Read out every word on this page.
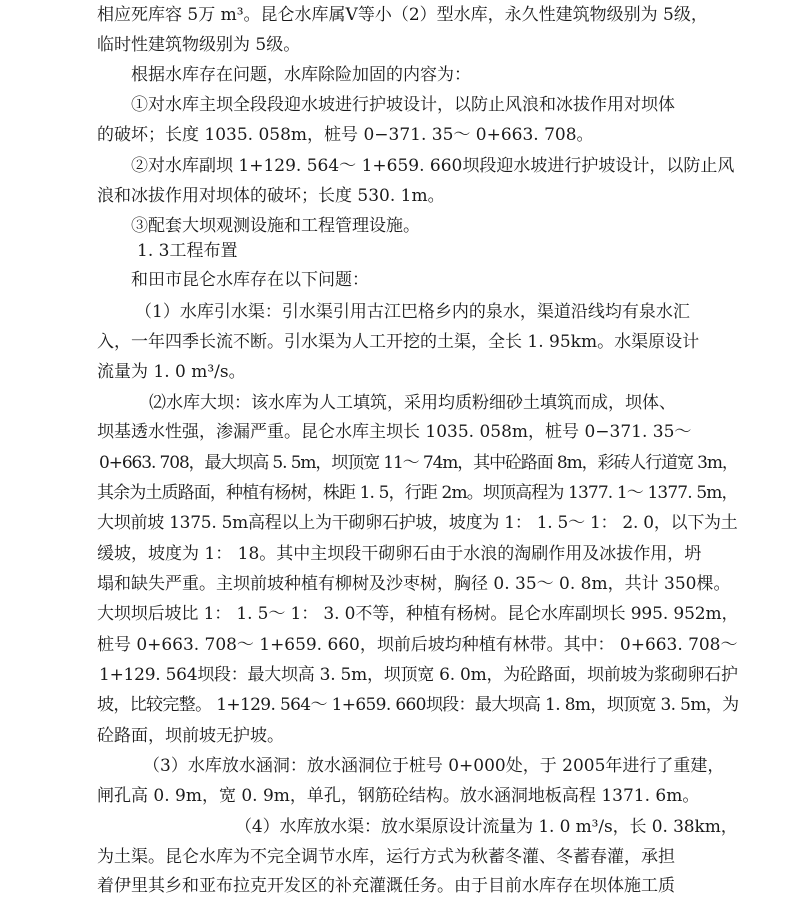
相应死库容 5万 m³。昆仑水库属Ⅴ等小（2）型水库，永久性建筑物级别为 5级，
临时性建筑物级别为 5级。
根据水库存在问题，水库除险加固的内容为：
①对水库主坝全段段迎水坡进行护坡设计，以防止风浪和冰拔作用对坝体
的破坏；长度 1035. 058m，桩号 0−371. 35～ 0+663. 708。
②对水库副坝 1+129. 564～ 1+659. 660坝段迎水坡进行护坡设计，以防止风
浪和冰拔作用对坝体的破坏；长度 530. 1m。
③配套大坝观测设施和工程管理设施。
1. 3工程布置
和田市昆仑水库存在以下问题：
（1）水库引水渠：引水渠引用古江巴格乡内的泉水，渠道沿线均有泉水汇
入，一年四季长流不断。引水渠为人工开挖的土渠，全长 1. 95km。水渠原设计
流量为 1. 0 m³/s。
⑵水库大坝：该水库为人工填筑，采用均质粉细砂土填筑而成，坝体、
坝基透水性强，渗漏严重。昆仑水库主坝长 1035. 058m，桩号 0−371. 35～
0+663. 708，最大坝高 5. 5m，坝顶宽 11～ 74m，其中砼路面 8m，彩砖人行道宽 3m，
其余为土质路面，种植有杨树，株距 1. 5，行距 2m。坝顶高程为 1377. 1～ 1377. 5m，
大坝前坡 1375. 5m高程以上为干砌卵石护坡，坡度为 1： 1. 5～ 1： 2. 0，以下为土
缓坡，坡度为 1： 18。其中主坝段干砌卵石由于水浪的淘刷作用及冰拔作用，坍
塌和缺失严重。主坝前坡种植有柳树及沙枣树，胸径 0. 35～ 0. 8m，共计 350棵。
大坝坝后坡比 1： 1. 5～ 1： 3. 0不等，种植有杨树。昆仑水库副坝长 995. 952m，
桩号 0+663. 708～ 1+659. 660，坝前后坡均种植有林带。其中： 0+663. 708～
1+129. 564坝段：最大坝高 3. 5m，坝顶宽 6. 0m，为砼路面，坝前坡为浆砌卵石护
坡，比较完整。 1+129. 564～ 1+659. 660坝段：最大坝高 1. 8m，坝顶宽 3. 5m，为
砼路面，坝前坡无护坡。
（3）水库放水涵洞：放水涵洞位于桩号 0+000处，于 2005年进行了重建，
闸孔高 0. 9m，宽 0. 9m，单孔，钢筋砼结构。放水涵洞地板高程 1371. 6m。
（4）水库放水渠：放水渠原设计流量为 1. 0 m³/s，长 0. 38km，
为土渠。昆仑水库为不完全调节水库，运行方式为秋蓄冬灌、冬蓄春灌，承担
着伊里其乡和亚布拉克开发区的补充灌溉任务。由于目前水库存在坝体施工质
